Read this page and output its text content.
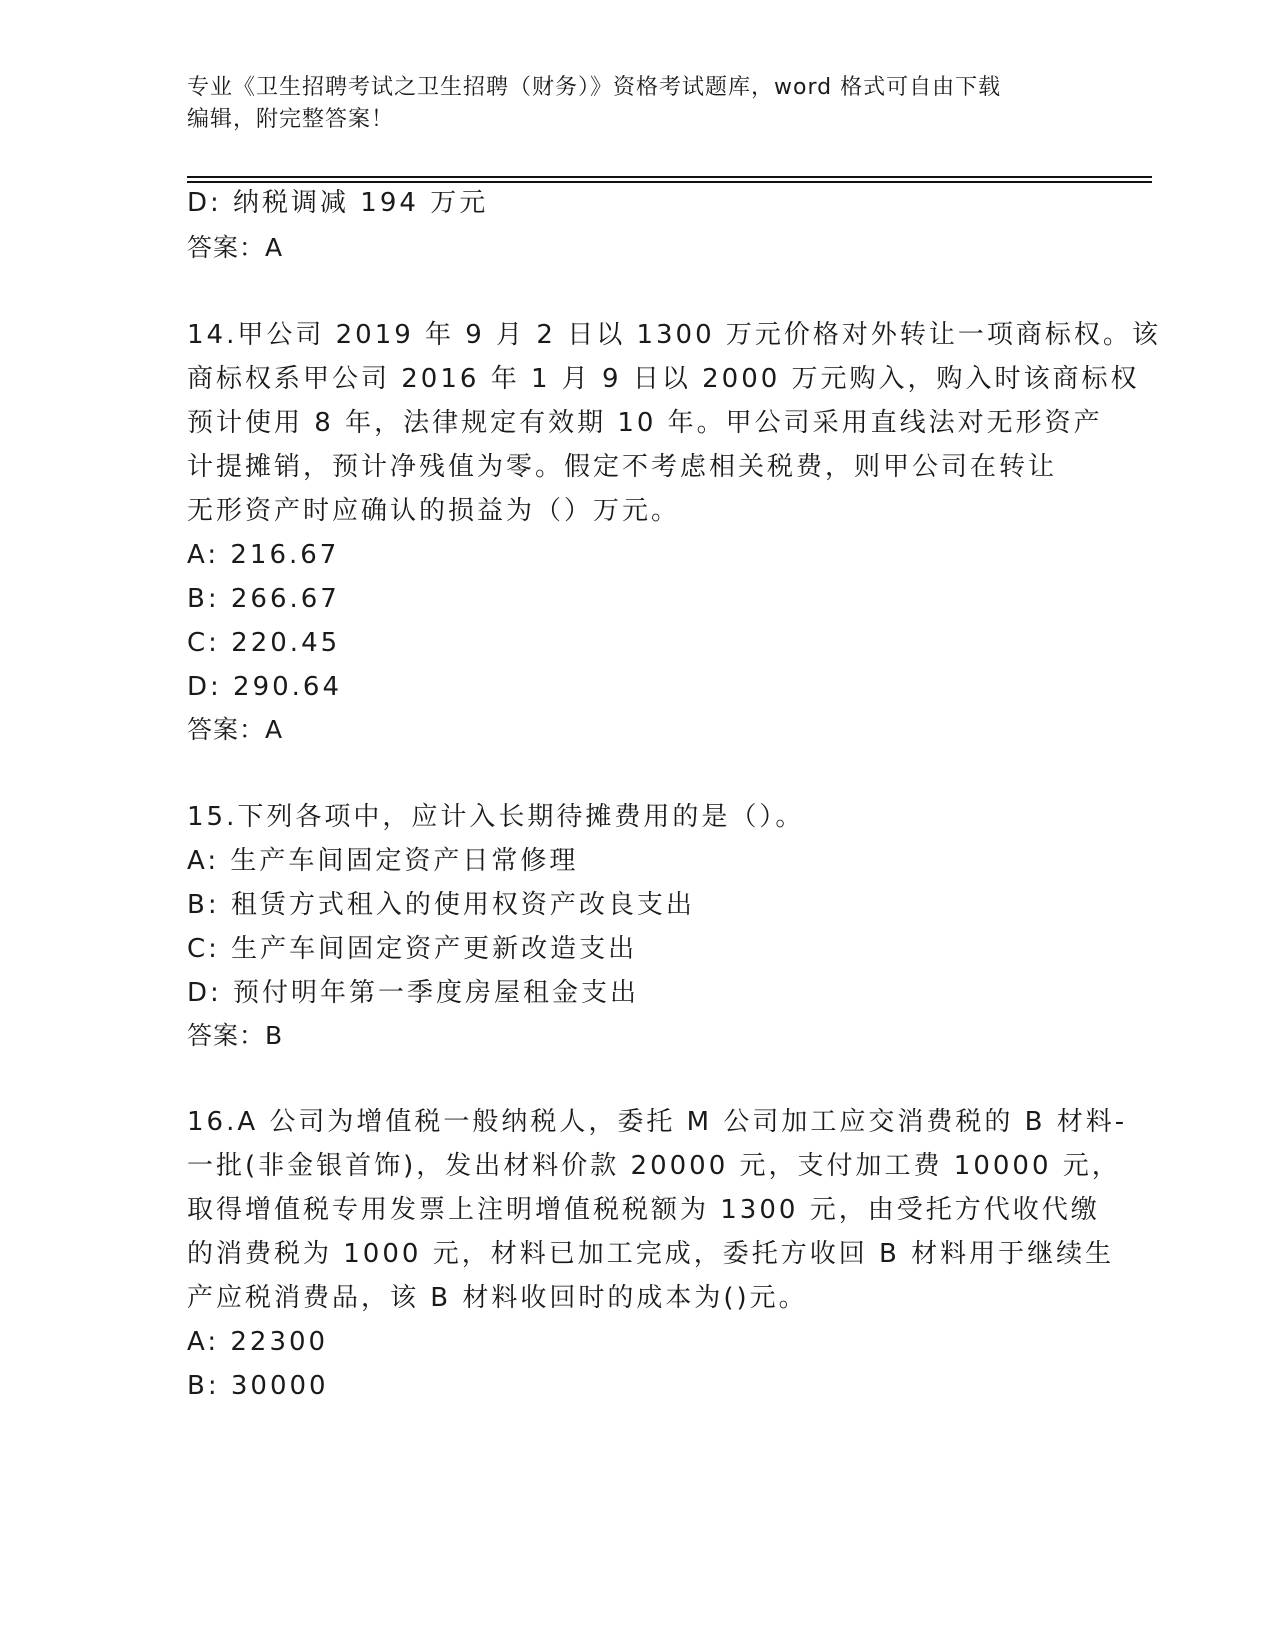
专业《卫生招聘考试之卫生招聘（财务）》资格考试题库，word 格式可自由下载
编辑，附完整答案！
D: 纳税调减 194 万元
答案：A
14.甲公司 2019 年 9 月 2 日以 1300 万元价格对外转让一项商标权。该
商标权系甲公司 2016 年 1 月 9 日以 2000 万元购入，购入时该商标权
预计使用 8 年，法律规定有效期 10 年。甲公司采用直线法对无形资产
计提摊销，预计净残值为零。假定不考虑相关税费，则甲公司在转让
无形资产时应确认的损益为（）万元。
A: 216.67
B: 266.67
C: 220.45
D: 290.64
答案：A
15.下列各项中，应计入长期待摊费用的是（）。
A: 生产车间固定资产日常修理
B: 租赁方式租入的使用权资产改良支出
C: 生产车间固定资产更新改造支出
D: 预付明年第一季度房屋租金支出
答案：B
16.A 公司为增值税一般纳税人，委托 M 公司加工应交消费税的 B 材料-
一批(非金银首饰)，发出材料价款 20000 元，支付加工费 10000 元，
取得增值税专用发票上注明增值税税额为 1300 元，由受托方代收代缴
的消费税为 1000 元，材料已加工完成，委托方收回 B 材料用于继续生
产应税消费品，该 B 材料收回时的成本为()元。
A: 22300
B: 30000
